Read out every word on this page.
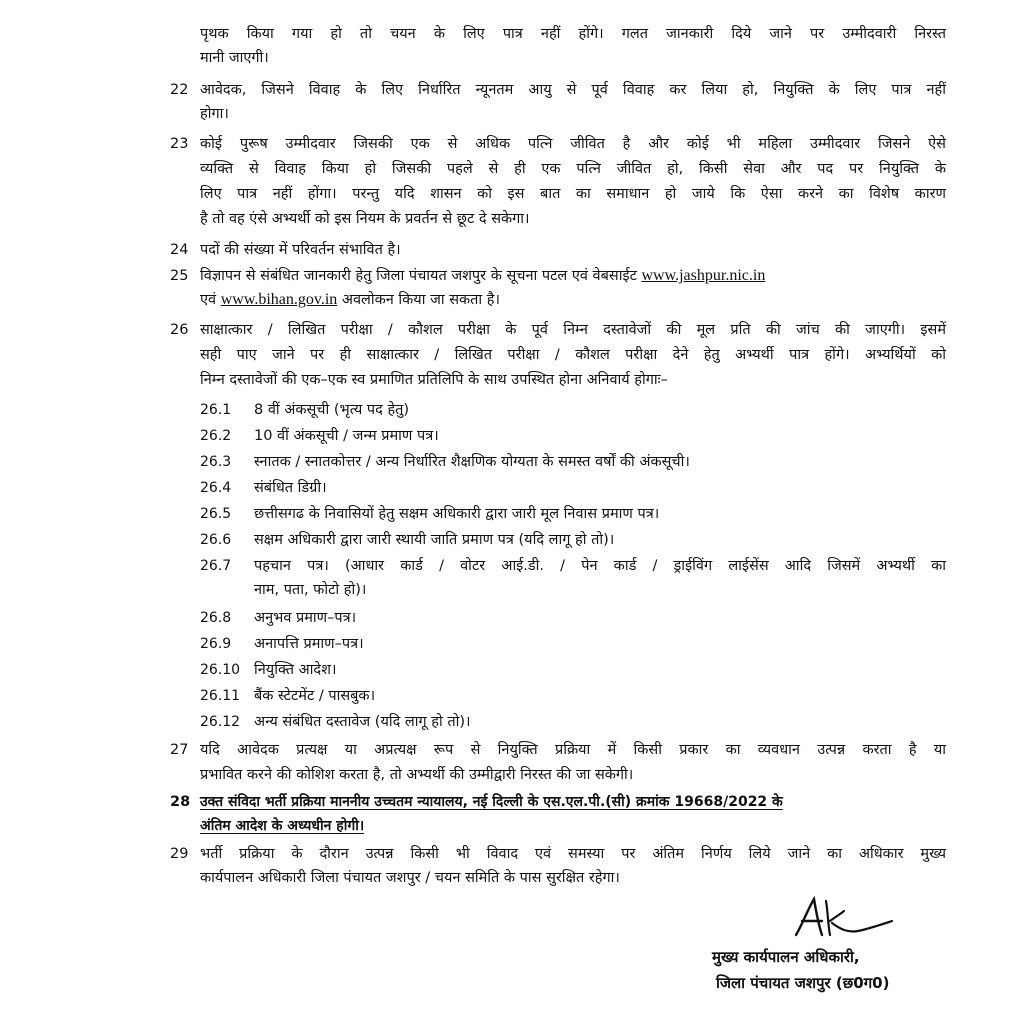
पृथक किया गया हो तो चयन के लिए पात्र नहीं होंगे। गलत जानकारी दिये जाने पर उम्मीदवारी निरस्त
मानी जाएगी।
22 आवेदक, जिसने विवाह के लिए निर्धारित न्यूनतम आयु से पूर्व विवाह कर लिया हो, नियुक्ति के लिए पात्र नहीं
होगा।
23 कोई पुरूष उम्मीदवार जिसकी एक से अधिक पत्नि जीवित है और कोई भी महिला उम्मीदवार जिसने ऐसे
व्यक्ति से विवाह किया हो जिसकी पहले से ही एक पत्नि जीवित हो, किसी सेवा और पद पर नियुक्ति के
लिए पात्र नहीं होंगा। परन्तु यदि शासन को इस बात का समाधान हो जाये कि ऐसा करने का विशेष कारण
है तो वह एंसे अभ्यर्थी को इस नियम के प्रवर्तन से छूट दे सकेगा।
24 पदों की संख्या में परिवर्तन संभावित है।
25 विज्ञापन से संबंधित जानकारी हेतु जिला पंचायत जशपुर के सूचना पटल एवं वेबसाईट www.jashpur.nic.in
एवं www.bihan.gov.in अवलोकन किया जा सकता है।
26 साक्षात्कार / लिखित परीक्षा / कौशल परीक्षा के पूर्व निम्न दस्तावेजों की मूल प्रति की जांच की जाएगी। इसमें
सही पाए जाने पर ही साक्षात्कार / लिखित परीक्षा / कौशल परीक्षा देने हेतु अभ्यर्थी पात्र होंगे। अभ्यर्थियों को
निम्न दस्तावेजों की एक–एक स्व प्रमाणित प्रतिलिपि के साथ उपस्थित होना अनिवार्य होगाः–
26.1 8 वीं अंकसूची (भृत्य पद हेतु)
26.2 10 वीं अंकसूची / जन्म प्रमाण पत्र।
26.3 स्नातक / स्नातकोत्तर / अन्य निर्धारित शैक्षणिक योग्यता के समस्त वर्षों की अंकसूची।
26.4 संबंधित डिग्री।
26.5 छत्तीसगढ के निवासियों हेतु सक्षम अधिकारी द्वारा जारी मूल निवास प्रमाण पत्र।
26.6 सक्षम अधिकारी द्वारा जारी स्थायी जाति प्रमाण पत्र (यदि लागू हो तो)।
26.7 पहचान पत्र। (आधार कार्ड / वोटर आई.डी. / पेन कार्ड / ड्राईविंग लाईसेंस आदि जिसमें अभ्यर्थी का
नाम, पता, फोटो हो)।
26.8 अनुभव प्रमाण–पत्र।
26.9 अनापत्ति प्रमाण–पत्र।
26.10 नियुक्ति आदेश।
26.11 बैंक स्टेटमेंट / पासबुक।
26.12 अन्य संबंधित दस्तावेज (यदि लागू हो तो)।
27 यदि आवेदक प्रत्यक्ष या अप्रत्यक्ष रूप से नियुक्ति प्रक्रिया में किसी प्रकार का व्यवधान उत्पन्न करता है या
प्रभावित करने की कोशिश करता है, तो अभ्यर्थी की उम्मीद्वारी निरस्त की जा सकेगी।
28 उक्त संविदा भर्ती प्रक्रिया माननीय उच्चतम न्यायालय, नई दिल्ली के एस.एल.पी.(सी) क्रमांक 19668/2022 के
अंतिम आदेश के अध्यधीन होगी।
29 भर्ती प्रक्रिया के दौरान उत्पन्न किसी भी विवाद एवं समस्या पर अंतिम निर्णय लिये जाने का अधिकार मुख्य
कार्यपालन अधिकारी जिला पंचायत जशपुर / चयन समिति के पास सुरक्षित रहेगा।
मुख्य कार्यपालन अधिकारी,
जिला पंचायत जशपुर (छ0ग0)
